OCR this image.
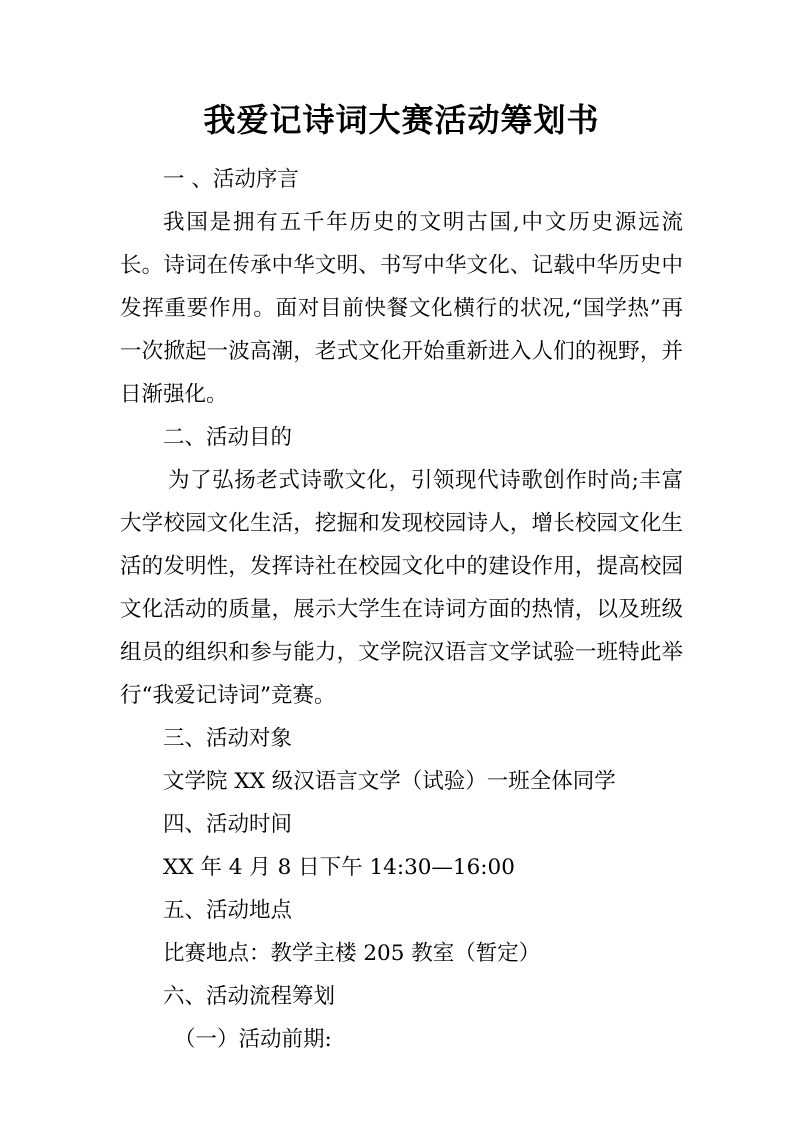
我爱记诗词大赛活动筹划书
一 、活动序言

我国是拥有五千年历史的文明古国,中文历史源远流长。诗词在传承中华文明、书写中华文化、记载中华历史中发挥重要作用。面对目前快餐文化横行的状况,“国学热”再一次掀起一波高潮，老式文化开始重新进入人们的视野，并日渐强化。

二、活动目的

为了弘扬老式诗歌文化，引领现代诗歌创作时尚;丰富大学校园文化生活，挖掘和发现校园诗人，增长校园文化生活的发明性，发挥诗社在校园文化中的建设作用，提高校园文化活动的质量，展示大学生在诗词方面的热情，以及班级组员的组织和参与能力，文学院汉语言文学试验一班特此举行“我爱记诗词”竞赛。

三、活动对象
文学院 XX 级汉语言文学（试验）一班全体同学
四、活动时间
XX 年 4 月 8 日下午 14:30—16:00
五、活动地点
比赛地点：教学主楼 205 教室（暂定）
六、活动流程筹划
（一）活动前期:
